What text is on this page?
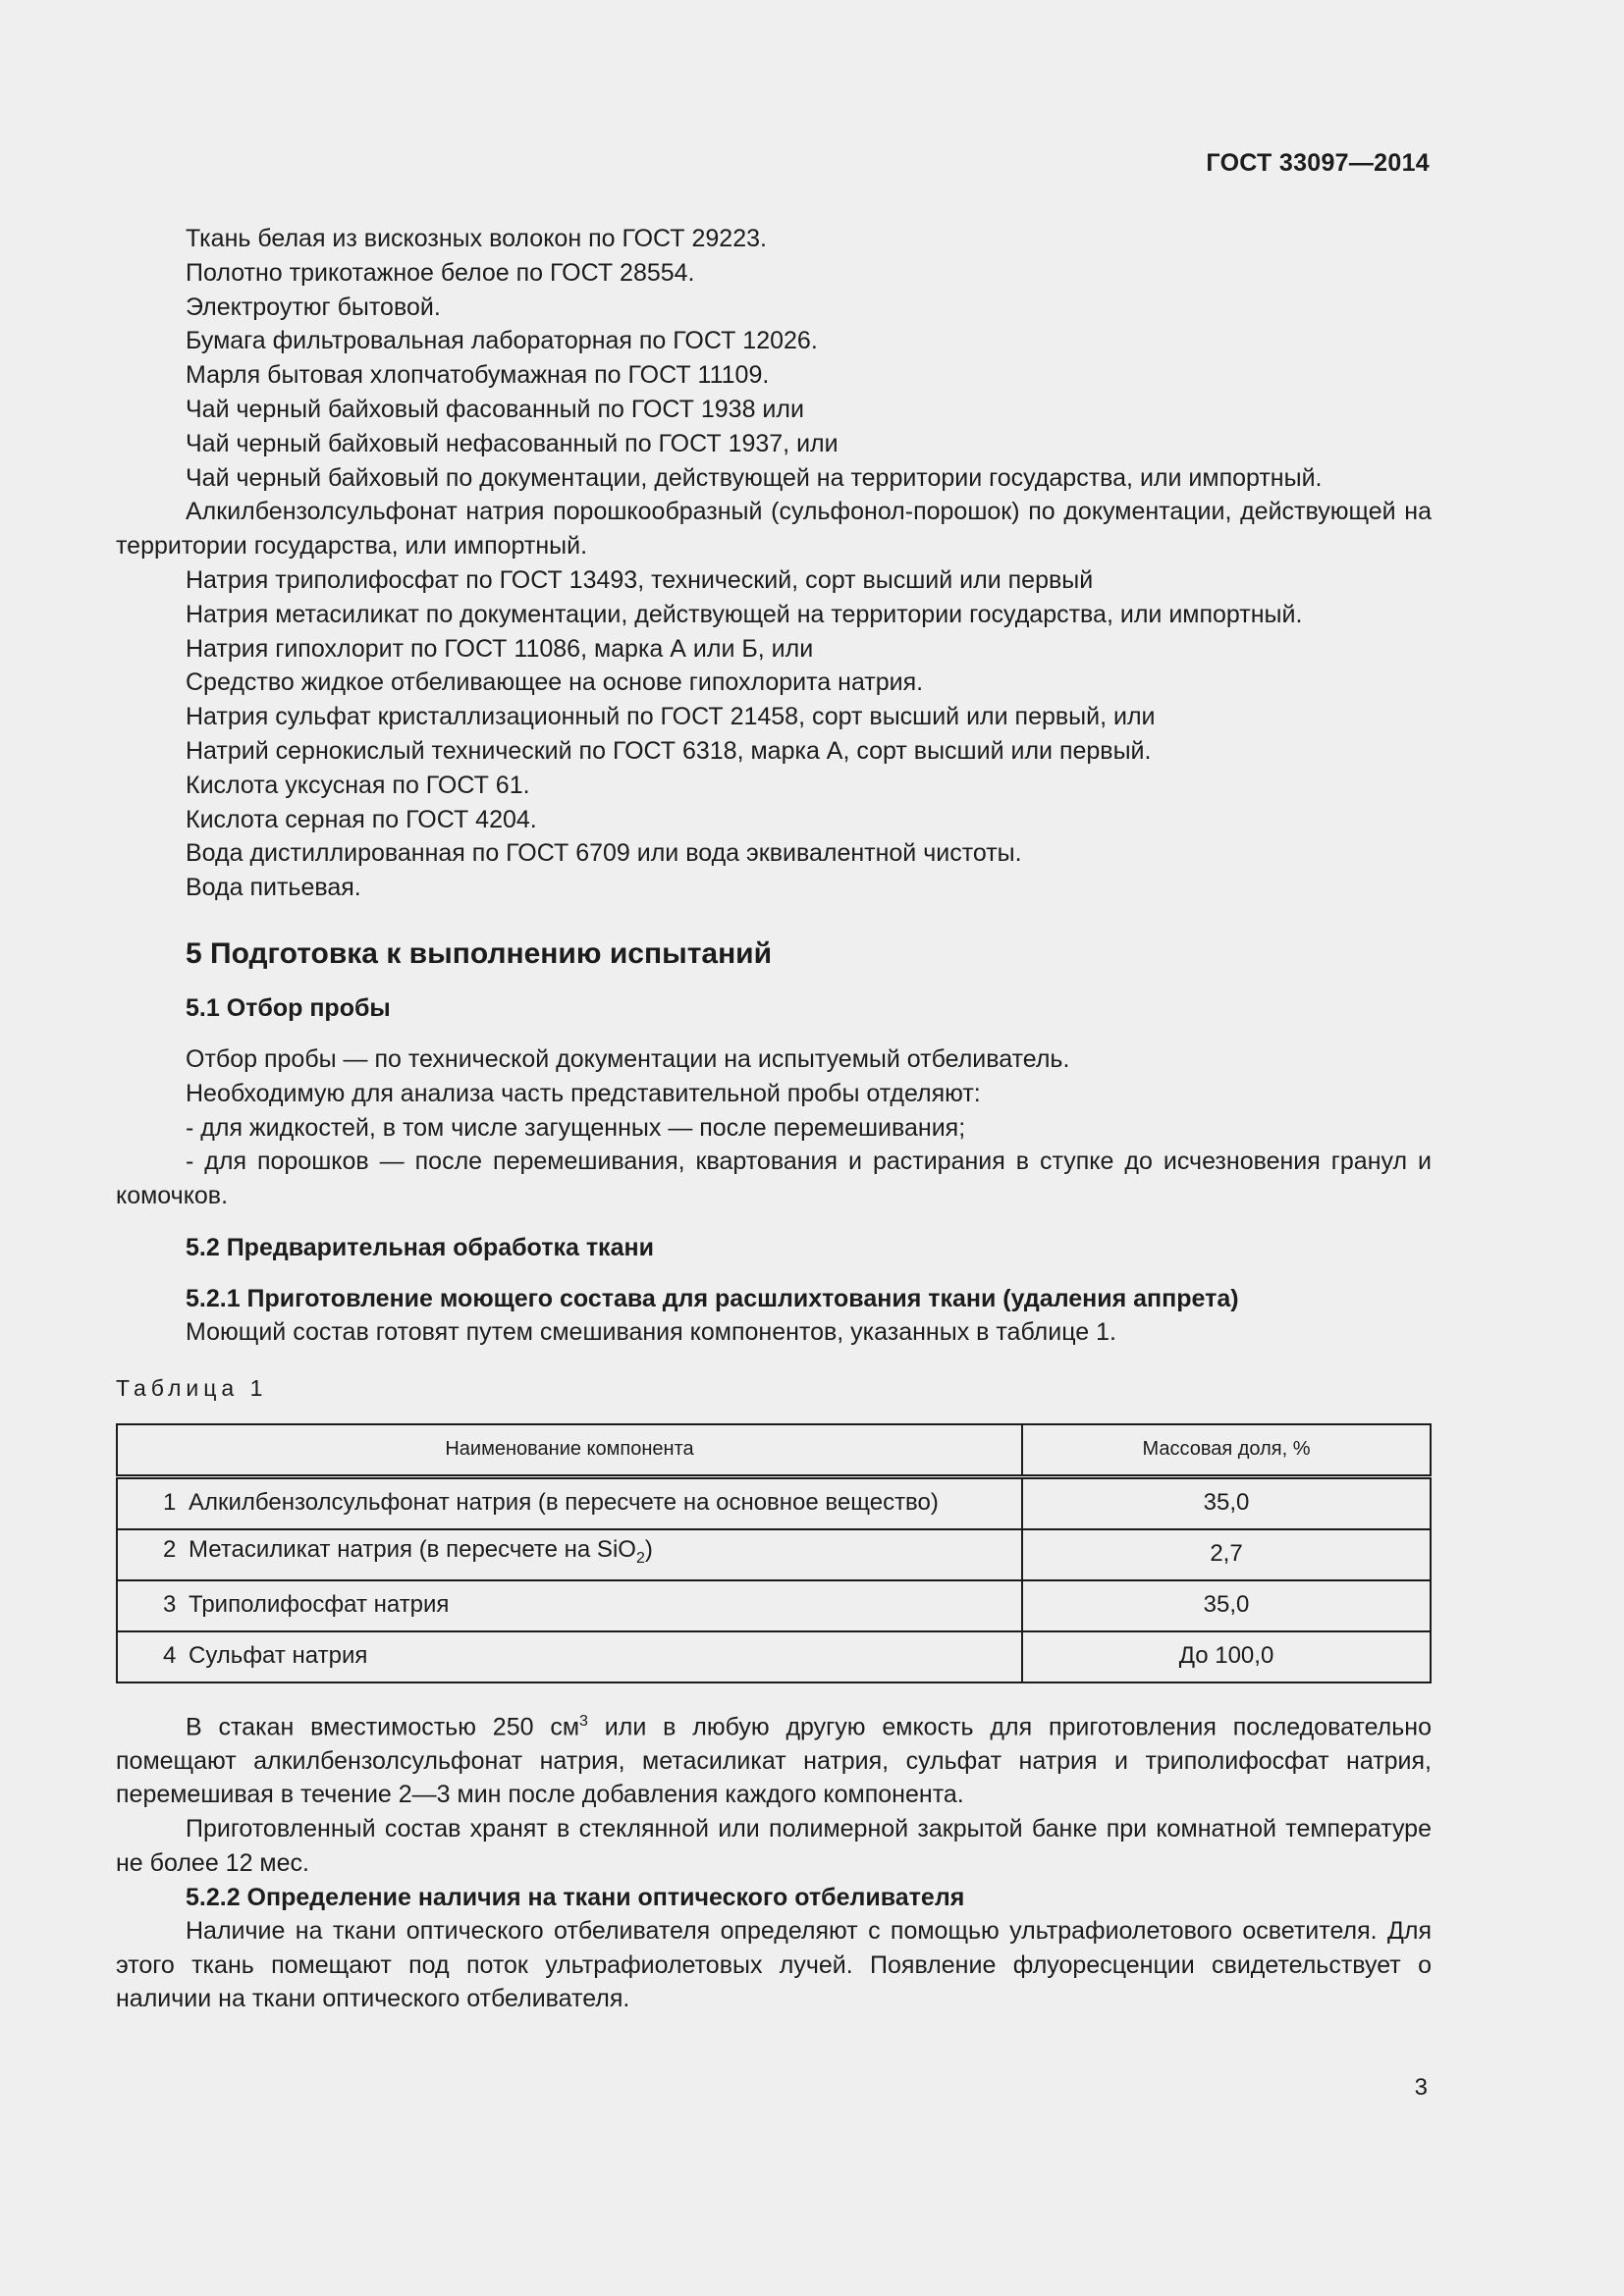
ГОСТ 33097—2014

Ткань белая из вискозных волокон по ГОСТ 29223.

Полотно трикотажное белое по ГОСТ 28554.

Электроутюг бытовой.

Бумага фильтровальная лабораторная по ГОСТ 12026.

Марля бытовая хлопчатобумажная по ГОСТ 11109.

Чай черный байховый фасованный по ГОСТ 1938 или

Чай черный байховый нефасованный по ГОСТ 1937, или

Чай черный байховый по документации, действующей на территории государства, или импортный.

Алкилбензолсульфонат натрия порошкообразный (сульфонол-порошок) по документации, действующей на территории государства, или импортный.

Натрия триполифосфат по ГОСТ 13493, технический, сорт высший или первый

Натрия метасиликат по документации, действующей на территории государства, или импортный.

Натрия гипохлорит по ГОСТ 11086, марка А или Б, или

Средство жидкое отбеливающее на основе гипохлорита натрия.

Натрия сульфат кристаллизационный по ГОСТ 21458, сорт высший или первый, или

Натрий сернокислый технический по ГОСТ 6318, марка А, сорт высший или первый.

Кислота уксусная по ГОСТ 61.

Кислота серная по ГОСТ 4204.

Вода дистиллированная по ГОСТ 6709 или вода эквивалентной чистоты.

Вода питьевая.

5 Подготовка к выполнению испытаний
5.1 Отбор пробы

Отбор пробы — по технической документации на испытуемый отбеливатель.

Необходимую для анализа часть представительной пробы отделяют:

- для жидкостей, в том числе загущенных — после перемешивания;

- для порошков — после перемешивания, квартования и растирания в ступке до исчезновения гранул и комочков.

5.2 Предварительная обработка ткани
5.2.1 Приготовление моющего состава для расшлихтования ткани (удаления аппрета)

Моющий состав готовят путем смешивания компонентов, указанных в таблице 1.

Таблица 1
Наименование компонента	Массовая доля, %
1 Алкилбензолсульфонат натрия (в пересчете на основное вещество)	35,0
2 Метасиликат натрия (в пересчете на SiO$_2$)	2,7
3 Триполифосфат натрия	35,0
4 Сульфат натрия	До 100,0

В стакан вместимостью 250 $см^3$ или в любую другую емкость для приготовления последовательно помещают алкилбензолсульфонат натрия, метасиликат натрия, сульфат натрия и триполифосфат натрия, перемешивая в течение 2—3 мин после добавления каждого компонента.

Приготовленный состав хранят в стеклянной или полимерной закрытой банке при комнатной температуре не более 12 мес.

5.2.2 Определение наличия на ткани оптического отбеливателя

Наличие на ткани оптического отбеливателя определяют с помощью ультрафиолетового осветителя. Для этого ткань помещают под поток ультрафиолетовых лучей. Появление флуоресценции свидетельствует о наличии на ткани оптического отбеливателя.

3
